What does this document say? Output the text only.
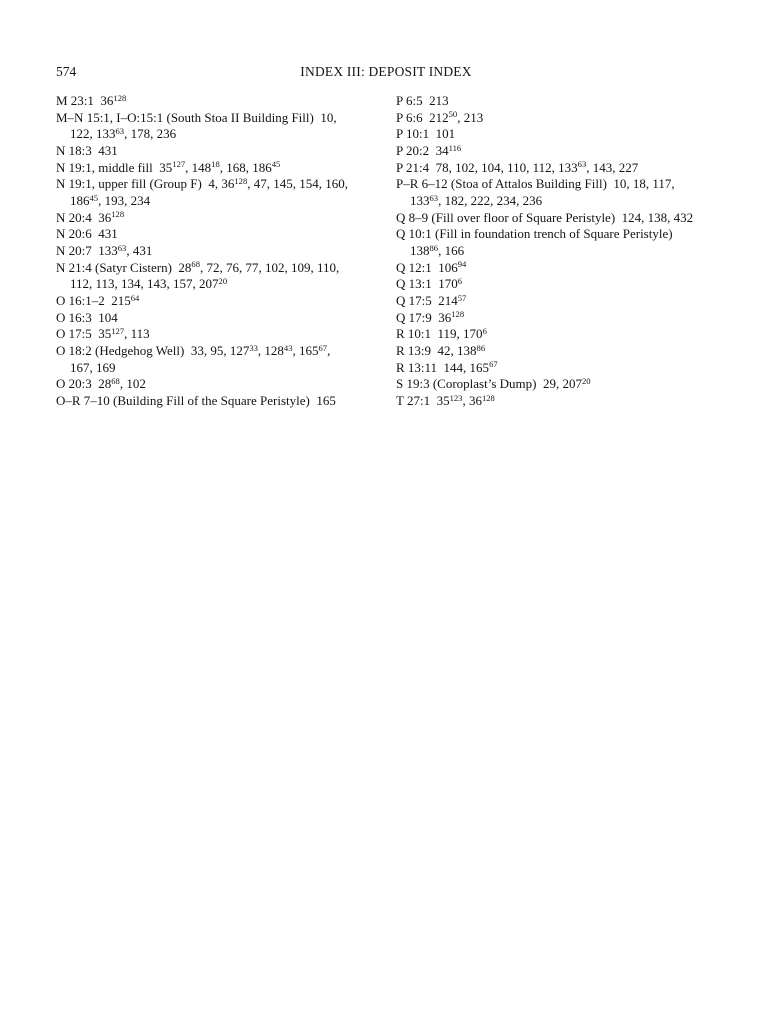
574	INDEX III: DEPOSIT INDEX
M 23:1  $36^{128}$
M–N 15:1, I–O:15:1 (South Stoa II Building Fill)  10,
122, $133^{63}$, 178, 236
N 18:3  431
N 19:1, middle fill  $35^{127}$, $148^{18}$, 168, $186^{45}$
N 19:1, upper fill (Group F)  4, $36^{128}$, 47, 145, 154, 160,
$186^{45}$, 193, 234
N 20:4  $36^{128}$
N 20:6  431
N 20:7  $133^{63}$, 431
N 21:4 (Satyr Cistern)  $28^{68}$, 72, 76, 77, 102, 109, 110,
112, 113, 134, 143, 157, $207^{20}$
O 16:1–2  $215^{64}$
O 16:3  104
O 17:5  $35^{127}$, 113
O 18:2 (Hedgehog Well)  33, 95, $127^{33}$, $128^{43}$, $165^{67}$,
167, 169
O 20:3  $28^{68}$, 102
O–R 7–10 (Building Fill of the Square Peristyle)  165
P 6:5  213
P 6:6  $212^{50}$, 213
P 10:1  101
P 20:2  $34^{116}$
P 21:4  78, 102, 104, 110, 112, $133^{63}$, 143, 227
P–R 6–12 (Stoa of Attalos Building Fill)  10, 18, 117,
$133^{63}$, 182, 222, 234, 236
Q 8–9 (Fill over floor of Square Peristyle)  124, 138, 432
Q 10:1 (Fill in foundation trench of Square Peristyle)
$138^{86}$, 166
Q 12:1  $106^{94}$
Q 13:1  $170^6$
Q 17:5  $214^{57}$
Q 17:9  $36^{128}$
R 10:1  119, $170^6$
R 13:9  42, $138^{86}$
R 13:11  144, $165^{67}$
S 19:3 (Coroplast’s Dump)  29, $207^{20}$
T 27:1  $35^{123}$, $36^{128}$
